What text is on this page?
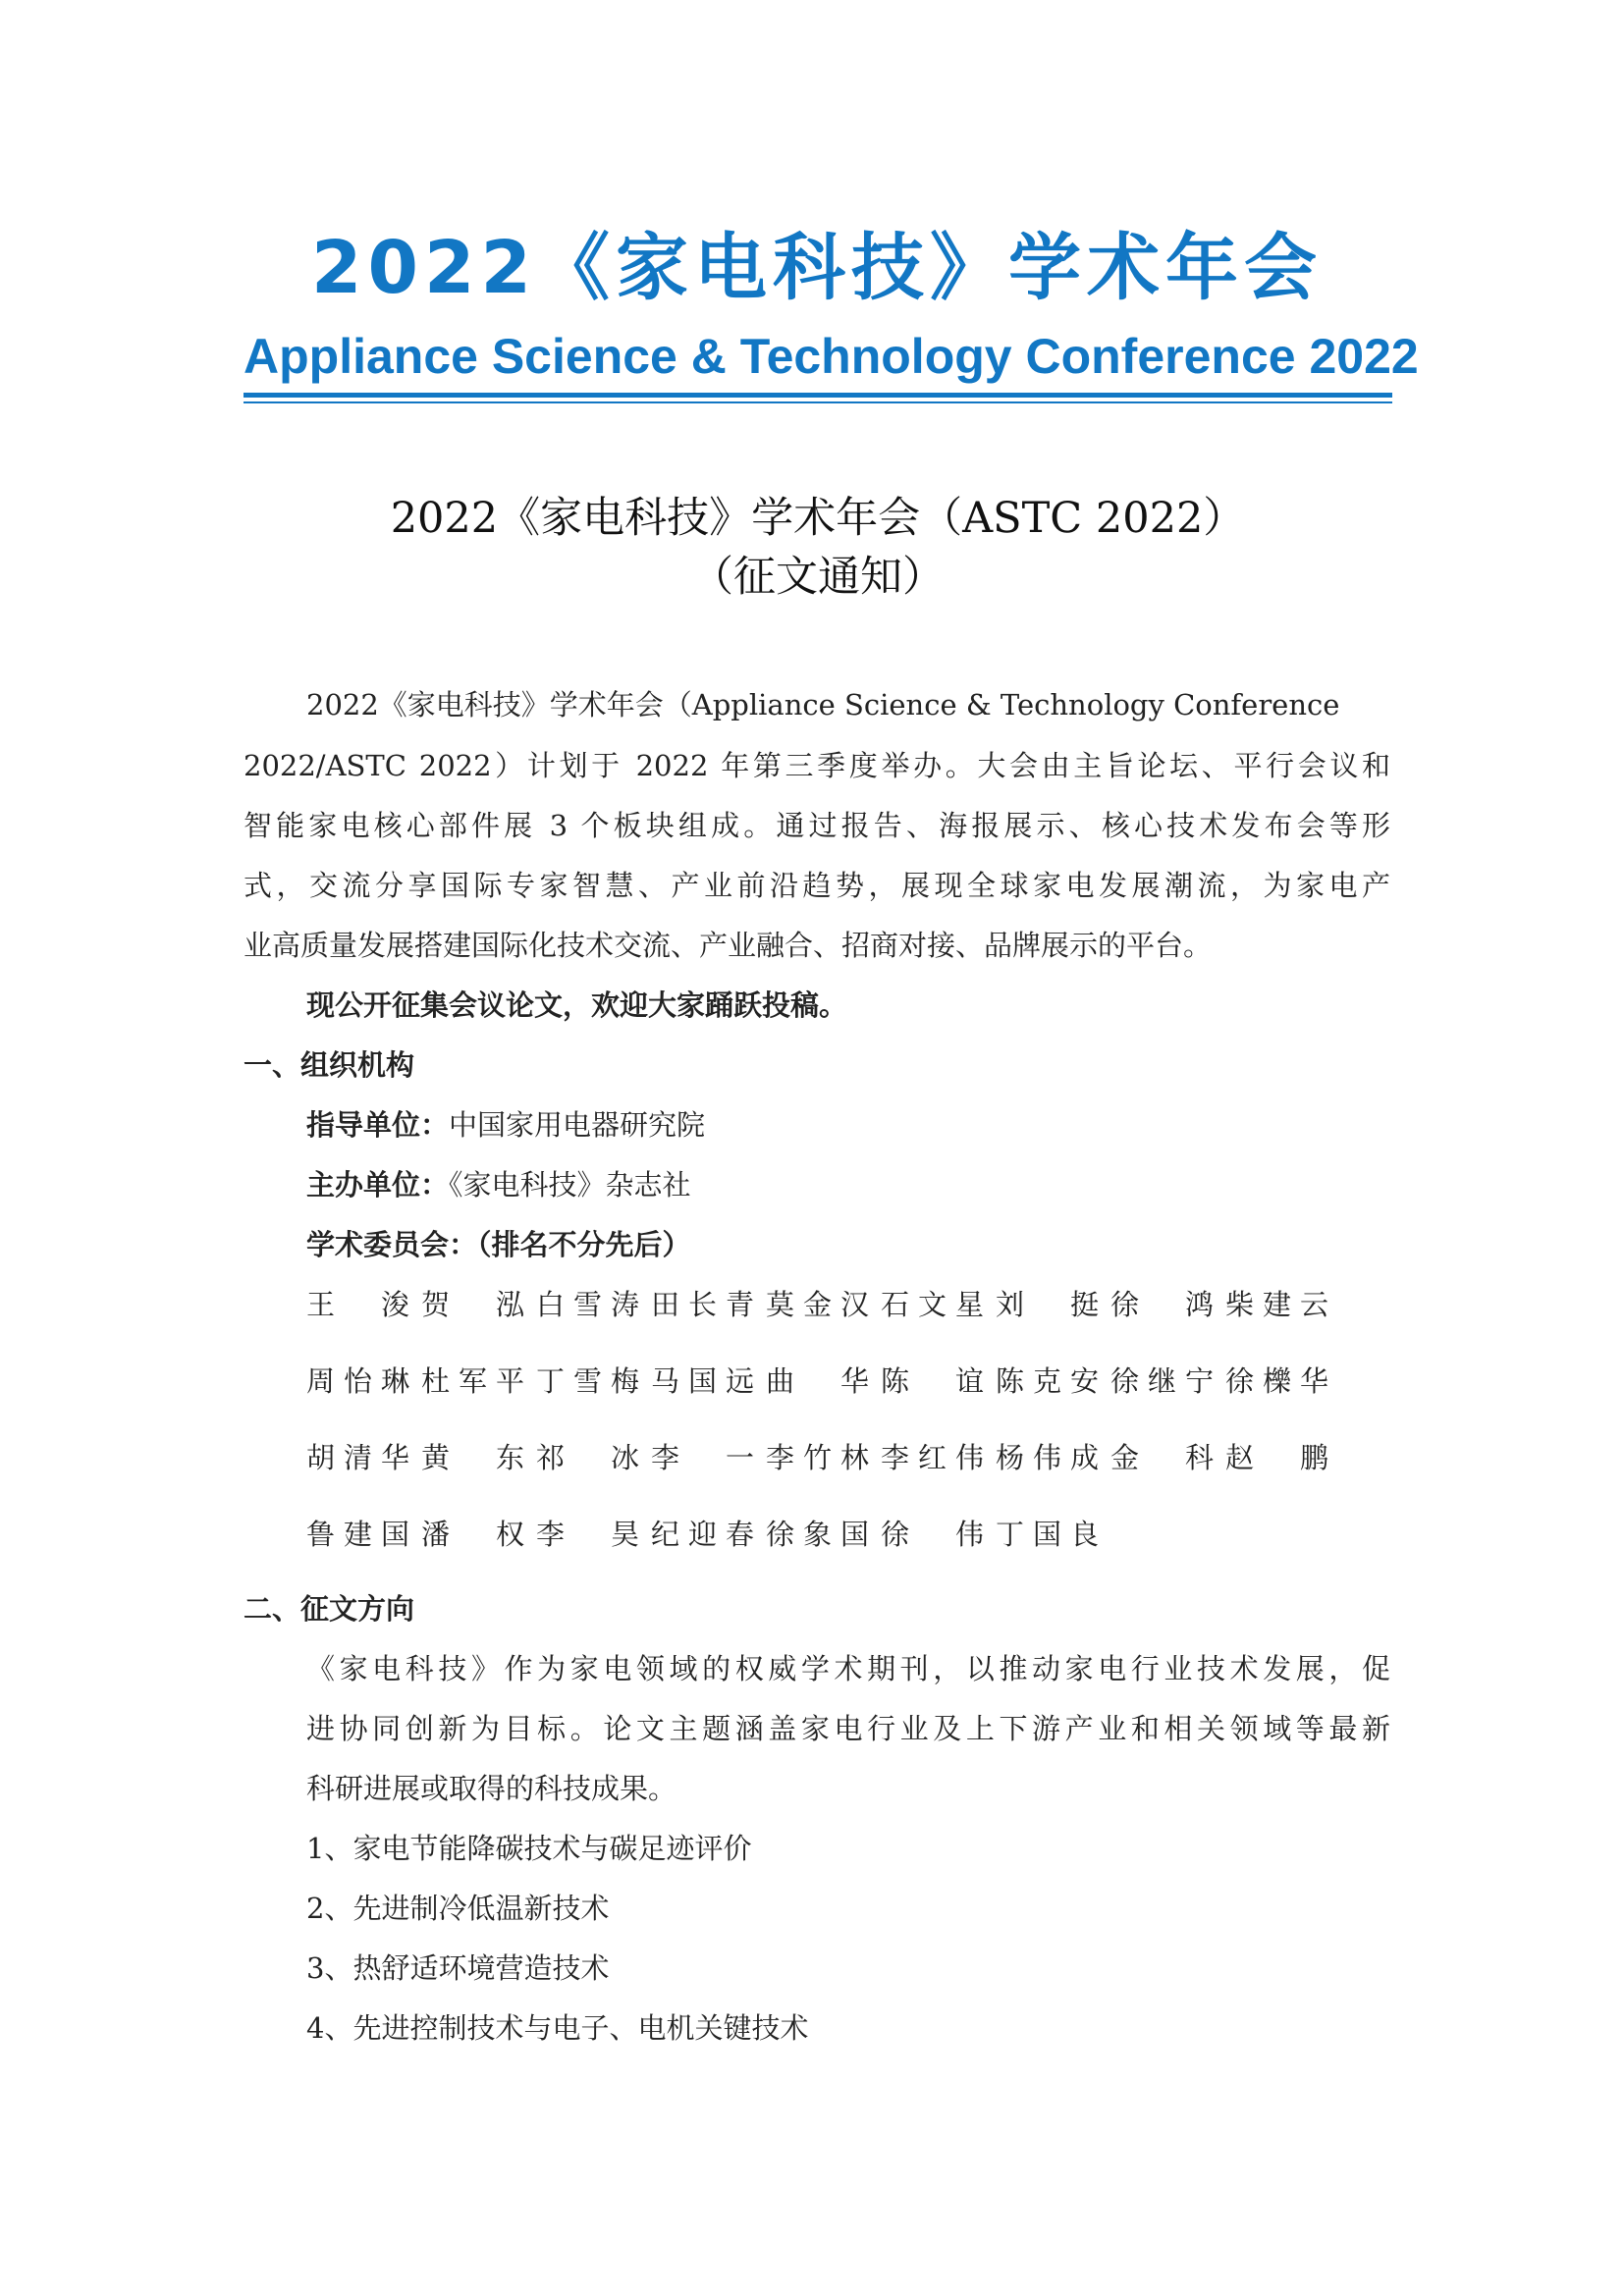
2022《家电科技》学术年会
Appliance Science & Technology Conference 2022
2022《家电科技》学术年会（ASTC 2022）
（征文通知）
2022《家电科技》学术年会（Appliance Science & Technology Conference
2022/ASTC 2022）计划于 2022 年第三季度举办。大会由主旨论坛、平行会议和
智能家电核心部件展 3 个板块组成。通过报告、海报展示、核心技术发布会等形
式，交流分享国际专家智慧、产业前沿趋势，展现全球家电发展潮流，为家电产
业高质量发展搭建国际化技术交流、产业融合、招商对接、品牌展示的平台。
现公开征集会议论文，欢迎大家踊跃投稿。
一、组织机构
指导单位：中国家用电器研究院
主办单位：《家电科技》杂志社
学术委员会：（排名不分先后）
王 浚 贺 泓 白 雪 涛 田 长 青 莫 金 汉 石 文 星 刘 挺 徐 鸿 柴 建 云
周 怡 琳 杜 军 平 丁 雪 梅 马 国 远 曲 华 陈 谊 陈 克 安 徐 继 宁 徐 櫟 华
胡 清 华 黄 东 祁 冰 李 一 李 竹 林 李 红 伟 杨 伟 成 金 科 赵 鹏
鲁 建 国 潘 权 李 昊 纪 迎 春 徐 象 国 徐 伟 丁 国 良
二、征文方向
《家电科技》作为家电领域的权威学术期刊，以推动家电行业技术发展，促
进协同创新为目标。论文主题涵盖家电行业及上下游产业和相关领域等最新
科研进展或取得的科技成果。
1、家电节能降碳技术与碳足迹评价
2、先进制冷低温新技术
3、热舒适环境营造技术
4、先进控制技术与电子、电机关键技术
